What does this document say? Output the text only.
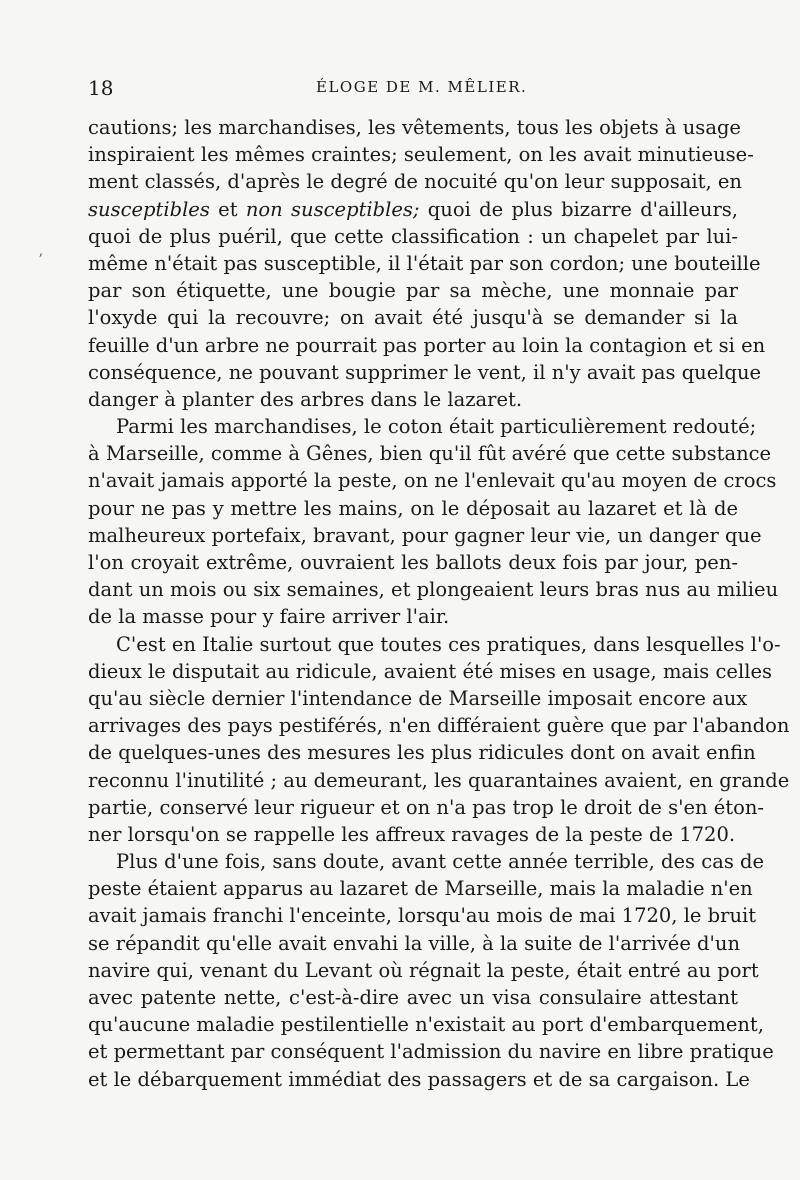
18	ÉLOGE DE M. MÊLIER.
ʼ
cautions; les marchandises, les vêtements, tous les objets à usage
inspiraient les mêmes craintes; seulement, on les avait minutieuse-
ment classés, d'après le degré de nocuité qu'on leur supposait, en
susceptibles et non susceptibles; quoi de plus bizarre d'ailleurs,
quoi de plus puéril, que cette classification : un chapelet par lui-
même n'était pas susceptible, il l'était par son cordon; une bouteille
par son étiquette, une bougie par sa mèche, une monnaie par
l'oxyde qui la recouvre; on avait été jusqu'à se demander si la
feuille d'un arbre ne pourrait pas porter au loin la contagion et si en
conséquence, ne pouvant supprimer le vent, il n'y avait pas quelque
danger à planter des arbres dans le lazaret.
Parmi les marchandises, le coton était particulièrement redouté;
à Marseille, comme à Gênes, bien qu'il fût avéré que cette substance
n'avait jamais apporté la peste, on ne l'enlevait qu'au moyen de crocs
pour ne pas y mettre les mains, on le déposait au lazaret et là de
malheureux portefaix, bravant, pour gagner leur vie, un danger que
l'on croyait extrême, ouvraient les ballots deux fois par jour, pen-
dant un mois ou six semaines, et plongeaient leurs bras nus au milieu
de la masse pour y faire arriver l'air.
C'est en Italie surtout que toutes ces pratiques, dans lesquelles l'o-
dieux le disputait au ridicule, avaient été mises en usage, mais celles
qu'au siècle dernier l'intendance de Marseille imposait encore aux
arrivages des pays pestiférés, n'en différaient guère que par l'abandon
de quelques-unes des mesures les plus ridicules dont on avait enfin
reconnu l'inutilité ; au demeurant, les quarantaines avaient, en grande
partie, conservé leur rigueur et on n'a pas trop le droit de s'en éton-
ner lorsqu'on se rappelle les affreux ravages de la peste de 1720.
Plus d'une fois, sans doute, avant cette année terrible, des cas de
peste étaient apparus au lazaret de Marseille, mais la maladie n'en
avait jamais franchi l'enceinte, lorsqu'au mois de mai 1720, le bruit
se répandit qu'elle avait envahi la ville, à la suite de l'arrivée d'un
navire qui, venant du Levant où régnait la peste, était entré au port
avec patente nette, c'est-à-dire avec un visa consulaire attestant
qu'aucune maladie pestilentielle n'existait au port d'embarquement,
et permettant par conséquent l'admission du navire en libre pratique
et le débarquement immédiat des passagers et de sa cargaison. Le
